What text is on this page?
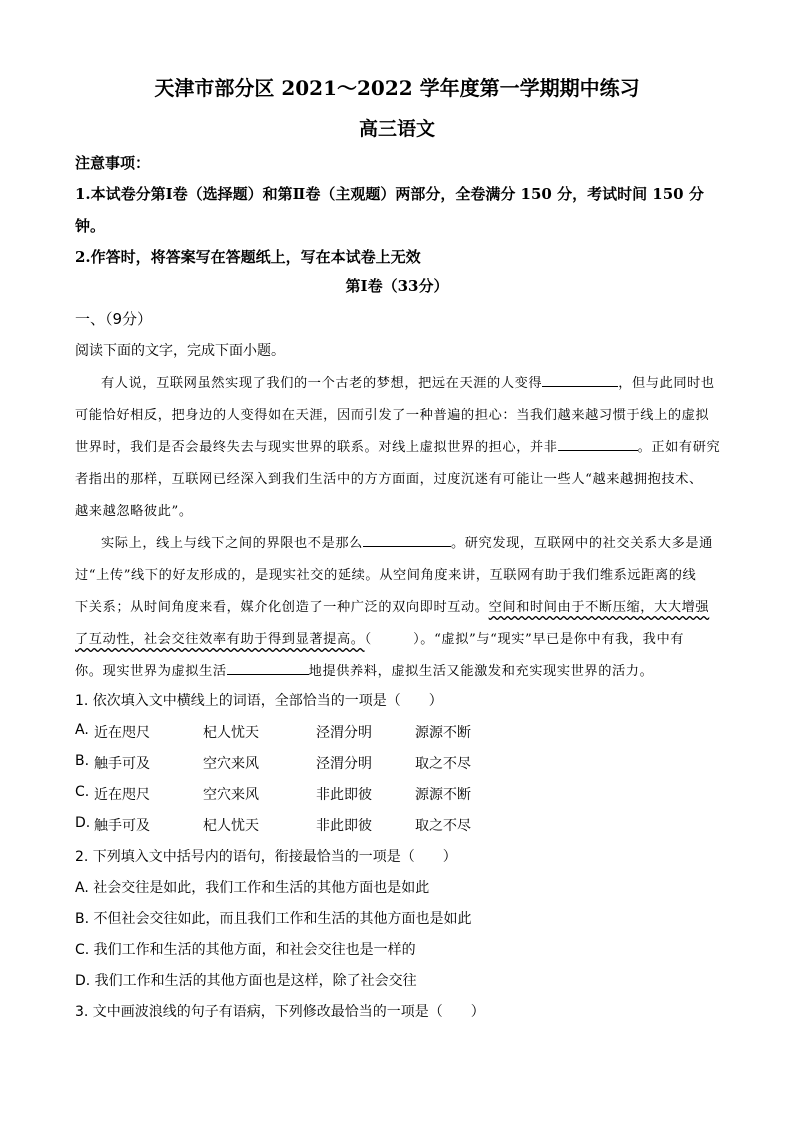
天津市部分区 2021～2022 学年度第一学期期中练习
高三语文
注意事项：
1.本试卷分第Ⅰ卷（选择题）和第Ⅱ卷（主观题）两部分，全卷满分 150 分，考试时间 150 分
钟。
2.作答时，将答案写在答题纸上，写在本试卷上无效
第Ⅰ卷（33分）
一、（9分）
阅读下面的文字，完成下面小题。
有人说，互联网虽然实现了我们的一个古老的梦想，把远在天涯的人变得	，但与此同时也
可能恰好相反，把身边的人变得如在天涯，因而引发了一种普遍的担心：当我们越来越习惯于线上的虚拟
世界时，我们是否会最终失去与现实世界的联系。对线上虚拟世界的担心，并非	。正如有研究
者指出的那样，互联网已经深入到我们生活中的方方面面，过度沉迷有可能让一些人“越来越拥抱技术、
越来越忽略彼此”。
实际上，线上与线下之间的界限也不是那么	。研究发现，互联网中的社交关系大多是通
过“上传”线下的好友形成的，是现实社交的延续。从空间角度来讲，互联网有助于我们维系远距离的线
下关系；从时间角度来看，媒介化创造了一种广泛的双向即时互动。空间和时间由于不断压缩，大大增强
了互动性，社会交往效率有助于得到显著提高。（　　　）。“虚拟”与“现实”早已是你中有我，我中有
你。现实世界为虚拟生活	地提供养料，虚拟生活又能激发和充实现实世界的活力。
1. 依次填入文中横线上的词语，全部恰当的一项是（　　）
A. 近在咫尺	杞人忧天	泾渭分明	源源不断
B. 触手可及	空穴来风	泾渭分明	取之不尽
C. 近在咫尺	空穴来风	非此即彼	源源不断
D. 触手可及	杞人忧天	非此即彼	取之不尽
2. 下列填入文中括号内的语句，衔接最恰当的一项是（　　）
A. 社会交往是如此，我们工作和生活的其他方面也是如此
B. 不但社会交往如此，而且我们工作和生活的其他方面也是如此
C. 我们工作和生活的其他方面，和社会交往也是一样的
D. 我们工作和生活的其他方面也是这样，除了社会交往
3. 文中画波浪线的句子有语病，下列修改最恰当的一项是（　　）
